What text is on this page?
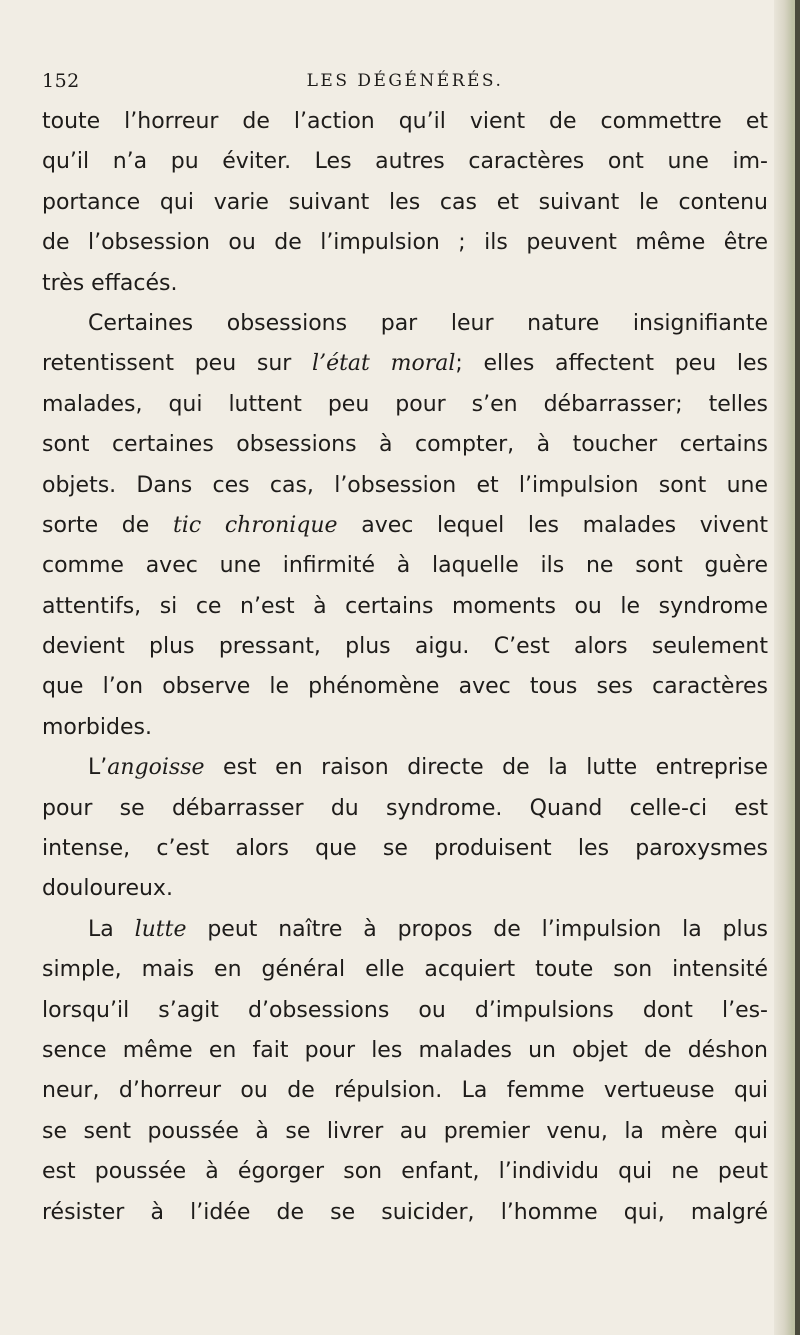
152	LES DÉGÉNÉRÉS.
toute l’horreur de l’action qu’il vient de commettre et
qu’il n’a pu éviter. Les autres caractères ont une im-
portance qui varie suivant les cas et suivant le contenu
de l’obsession ou de l’impulsion ; ils peuvent même être
très effacés.
Certaines obsessions par leur nature insignifiante
retentissent peu sur l’état moral; elles affectent peu les
malades, qui luttent peu pour s’en débarrasser; telles
sont certaines obsessions à compter, à toucher certains
objets. Dans ces cas, l’obsession et l’impulsion sont une
sorte de tic chronique avec lequel les malades vivent
comme avec une infirmité à laquelle ils ne sont guère
attentifs, si ce n’est à certains moments ou le syndrome
devient plus pressant, plus aigu. C’est alors seulement
que l’on observe le phénomène avec tous ses caractères
morbides.
L’angoisse est en raison directe de la lutte entreprise
pour se débarrasser du syndrome. Quand celle-ci est
intense, c’est alors que se produisent les paroxysmes
douloureux.
La lutte peut naître à propos de l’impulsion la plus
simple, mais en général elle acquiert toute son intensité
lorsqu’il s’agit d’obsessions ou d’impulsions dont l’es-
sence même en fait pour les malades un objet de déshon
neur, d’horreur ou de répulsion. La femme vertueuse qui
se sent poussée à se livrer au premier venu, la mère qui
est poussée à égorger son enfant, l’individu qui ne peut
résister à l’idée de se suicider, l’homme qui, malgré
